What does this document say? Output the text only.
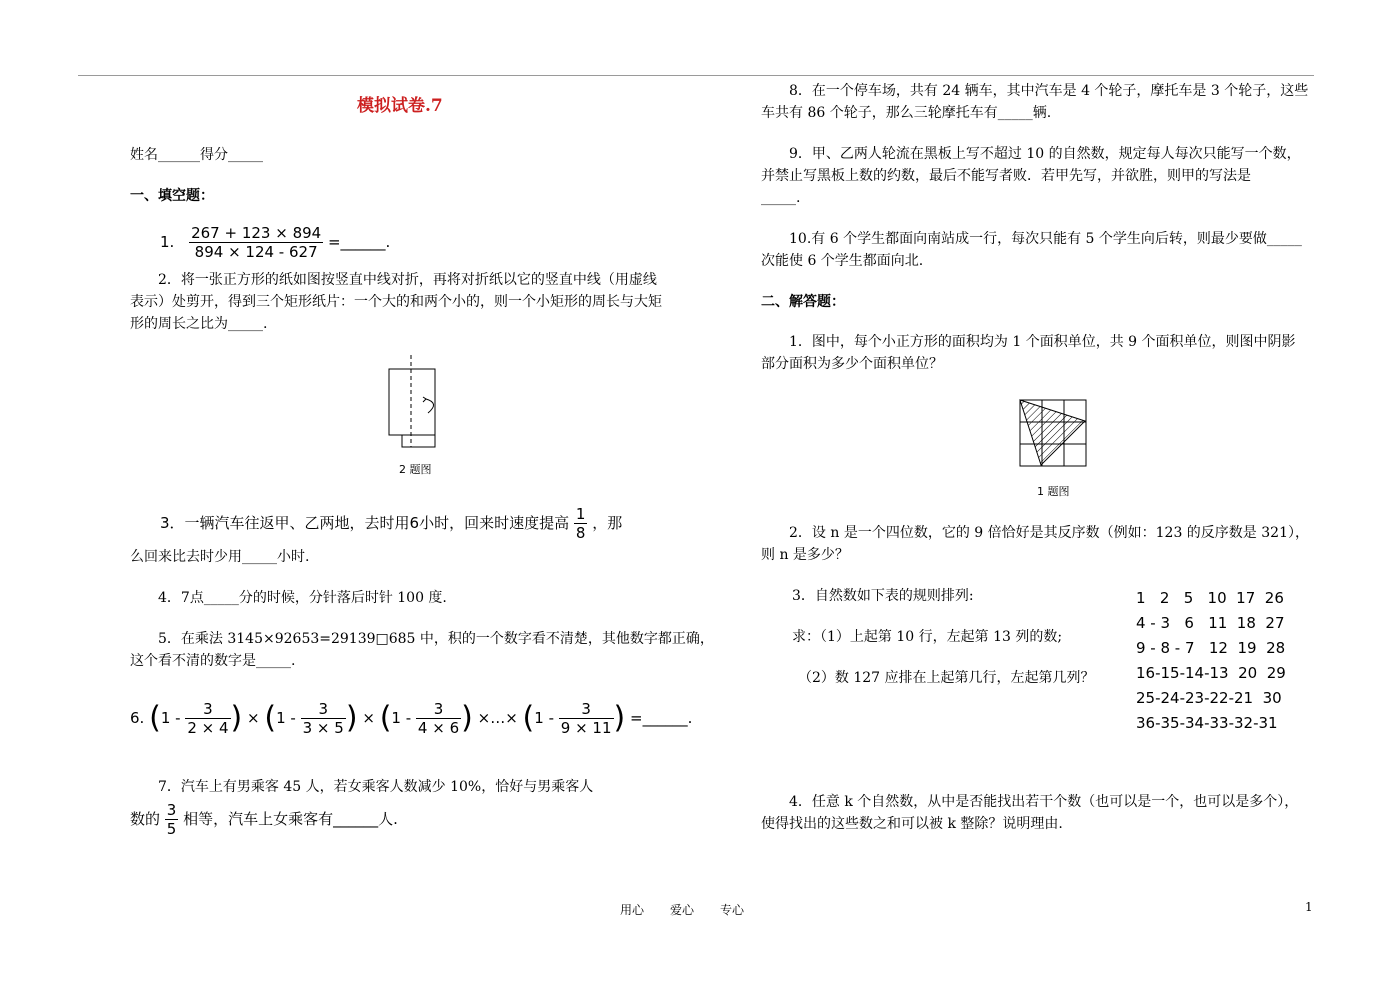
模拟试卷.7
姓名______得分_____
一、填空题：
1. $\frac{267 + 123 \times 894}{894 \times 124 - 627}$ =______.
2．将一张正方形的纸如图按竖直中线对折，再将对折纸以它的竖直中线（用虚线
表示）处剪开，得到三个矩形纸片：一个大的和两个小的，则一个小矩形的周长与大矩
形的周长之比为_____.
2 题图
3．一辆汽车往返甲、乙两地，去时用6小时，回来时速度提高 $\frac{1}{8}$ ，那
么回来比去时少用_____小时.
4．7点_____分的时候，分针落后时针 100 度.
5．在乘法 3145×92653=29139□685 中，积的一个数字看不清楚，其他数字都正确，
这个看不清的数字是_____.
6. ($1 - \frac{3}{2 \times 4}$ ) × ($1 - \frac{3}{3 \times 5}$ ) × ($1 - \frac{3}{4 \times 6}$ ) ×…× ($1 - \frac{3}{9 \times 11}$ ) =______.
7．汽车上有男乘客 45 人，若女乘客人数减少 10%，恰好与男乘客人
数的 $\frac{3}{5}$ 相等，汽车上女乘客有______人.
8．在一个停车场，共有 24 辆车，其中汽车是 4 个轮子，摩托车是 3 个轮子，这些
车共有 86 个轮子，那么三轮摩托车有_____辆.
9．甲、乙两人轮流在黑板上写不超过 10 的自然数，规定每人每次只能写一个数，
并禁止写黑板上数的约数，最后不能写者败．若甲先写，并欲胜，则甲的写法是
_____.
10.有 6 个学生都面向南站成一行，每次只能有 5 个学生向后转，则最少要做_____
次能使 6 个学生都面向北.
二、解答题：
1．图中，每个小正方形的面积均为 1 个面积单位，共 9 个面积单位，则图中阴影
部分面积为多少个面积单位？
1 题图
2．设 n 是一个四位数，它的 9 倍恰好是其反序数（例如：123 的反序数是 321），
则 n 是多少？
3．自然数如下表的规则排列:
求：（1）上起第 10 行，左起第 13 列的数;
（2）数 127 应排在上起第几行，左起第几列？
1   2   5   10  17  26
4 - 3   6   11  18  27
9 - 8 - 7   12  19  28
16-15-14-13  20  29
25-24-23-22-21  30
36-35-34-33-32-31
4．任意 k 个自然数，从中是否能找出若干个数（也可以是一个，也可以是多个），
使得找出的这些数之和可以被 k 整除？说明理由.
用心 爱心 专心	1
